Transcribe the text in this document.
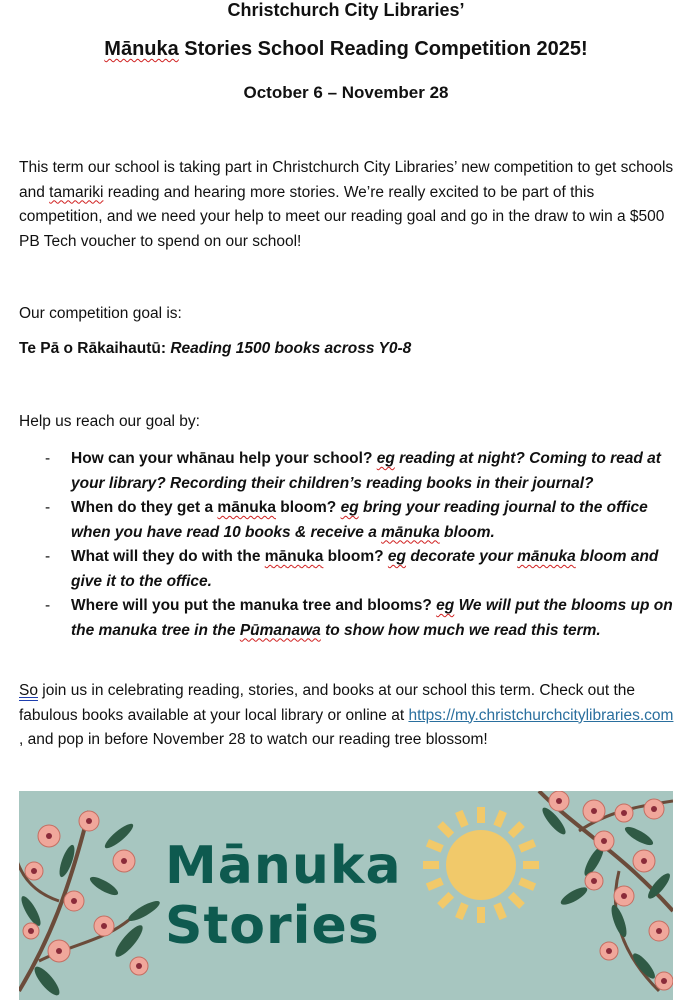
Christchurch City Libraries’
Mānuka Stories School Reading Competition 2025!
October 6 – November 28
This term our school is taking part in Christchurch City Libraries’ new competition to get schools and tamariki reading and hearing more stories. We’re really excited to be part of this competition, and we need your help to meet our reading goal and go in the draw to win a $500 PB Tech voucher to spend on our school!
Our competition goal is:
Te Pā o Rākaihautū: Reading 1500 books across Y0-8
Help us reach our goal by:
- How can your whānau help your school? eg reading at night? Coming to read at your library? Recording their children’s reading books in their journal?
- When do they get a mānuka bloom? eg bring your reading journal to the office when you have read 10 books & receive a mānuka bloom.
- What will they do with the mānuka bloom? eg decorate your mānuka bloom and give it to the office.
- Where will you put the manuka tree and blooms? eg We will put the blooms up on the manuka tree in the Pūmanawa to show how much we read this term.
So join us in celebrating reading, stories, and books at our school this term. Check out the fabulous books available at your local library or online at https://my.christchurchcitylibraries.com , and pop in before November 28 to watch our reading tree blossom!
Mānuka
Stories
